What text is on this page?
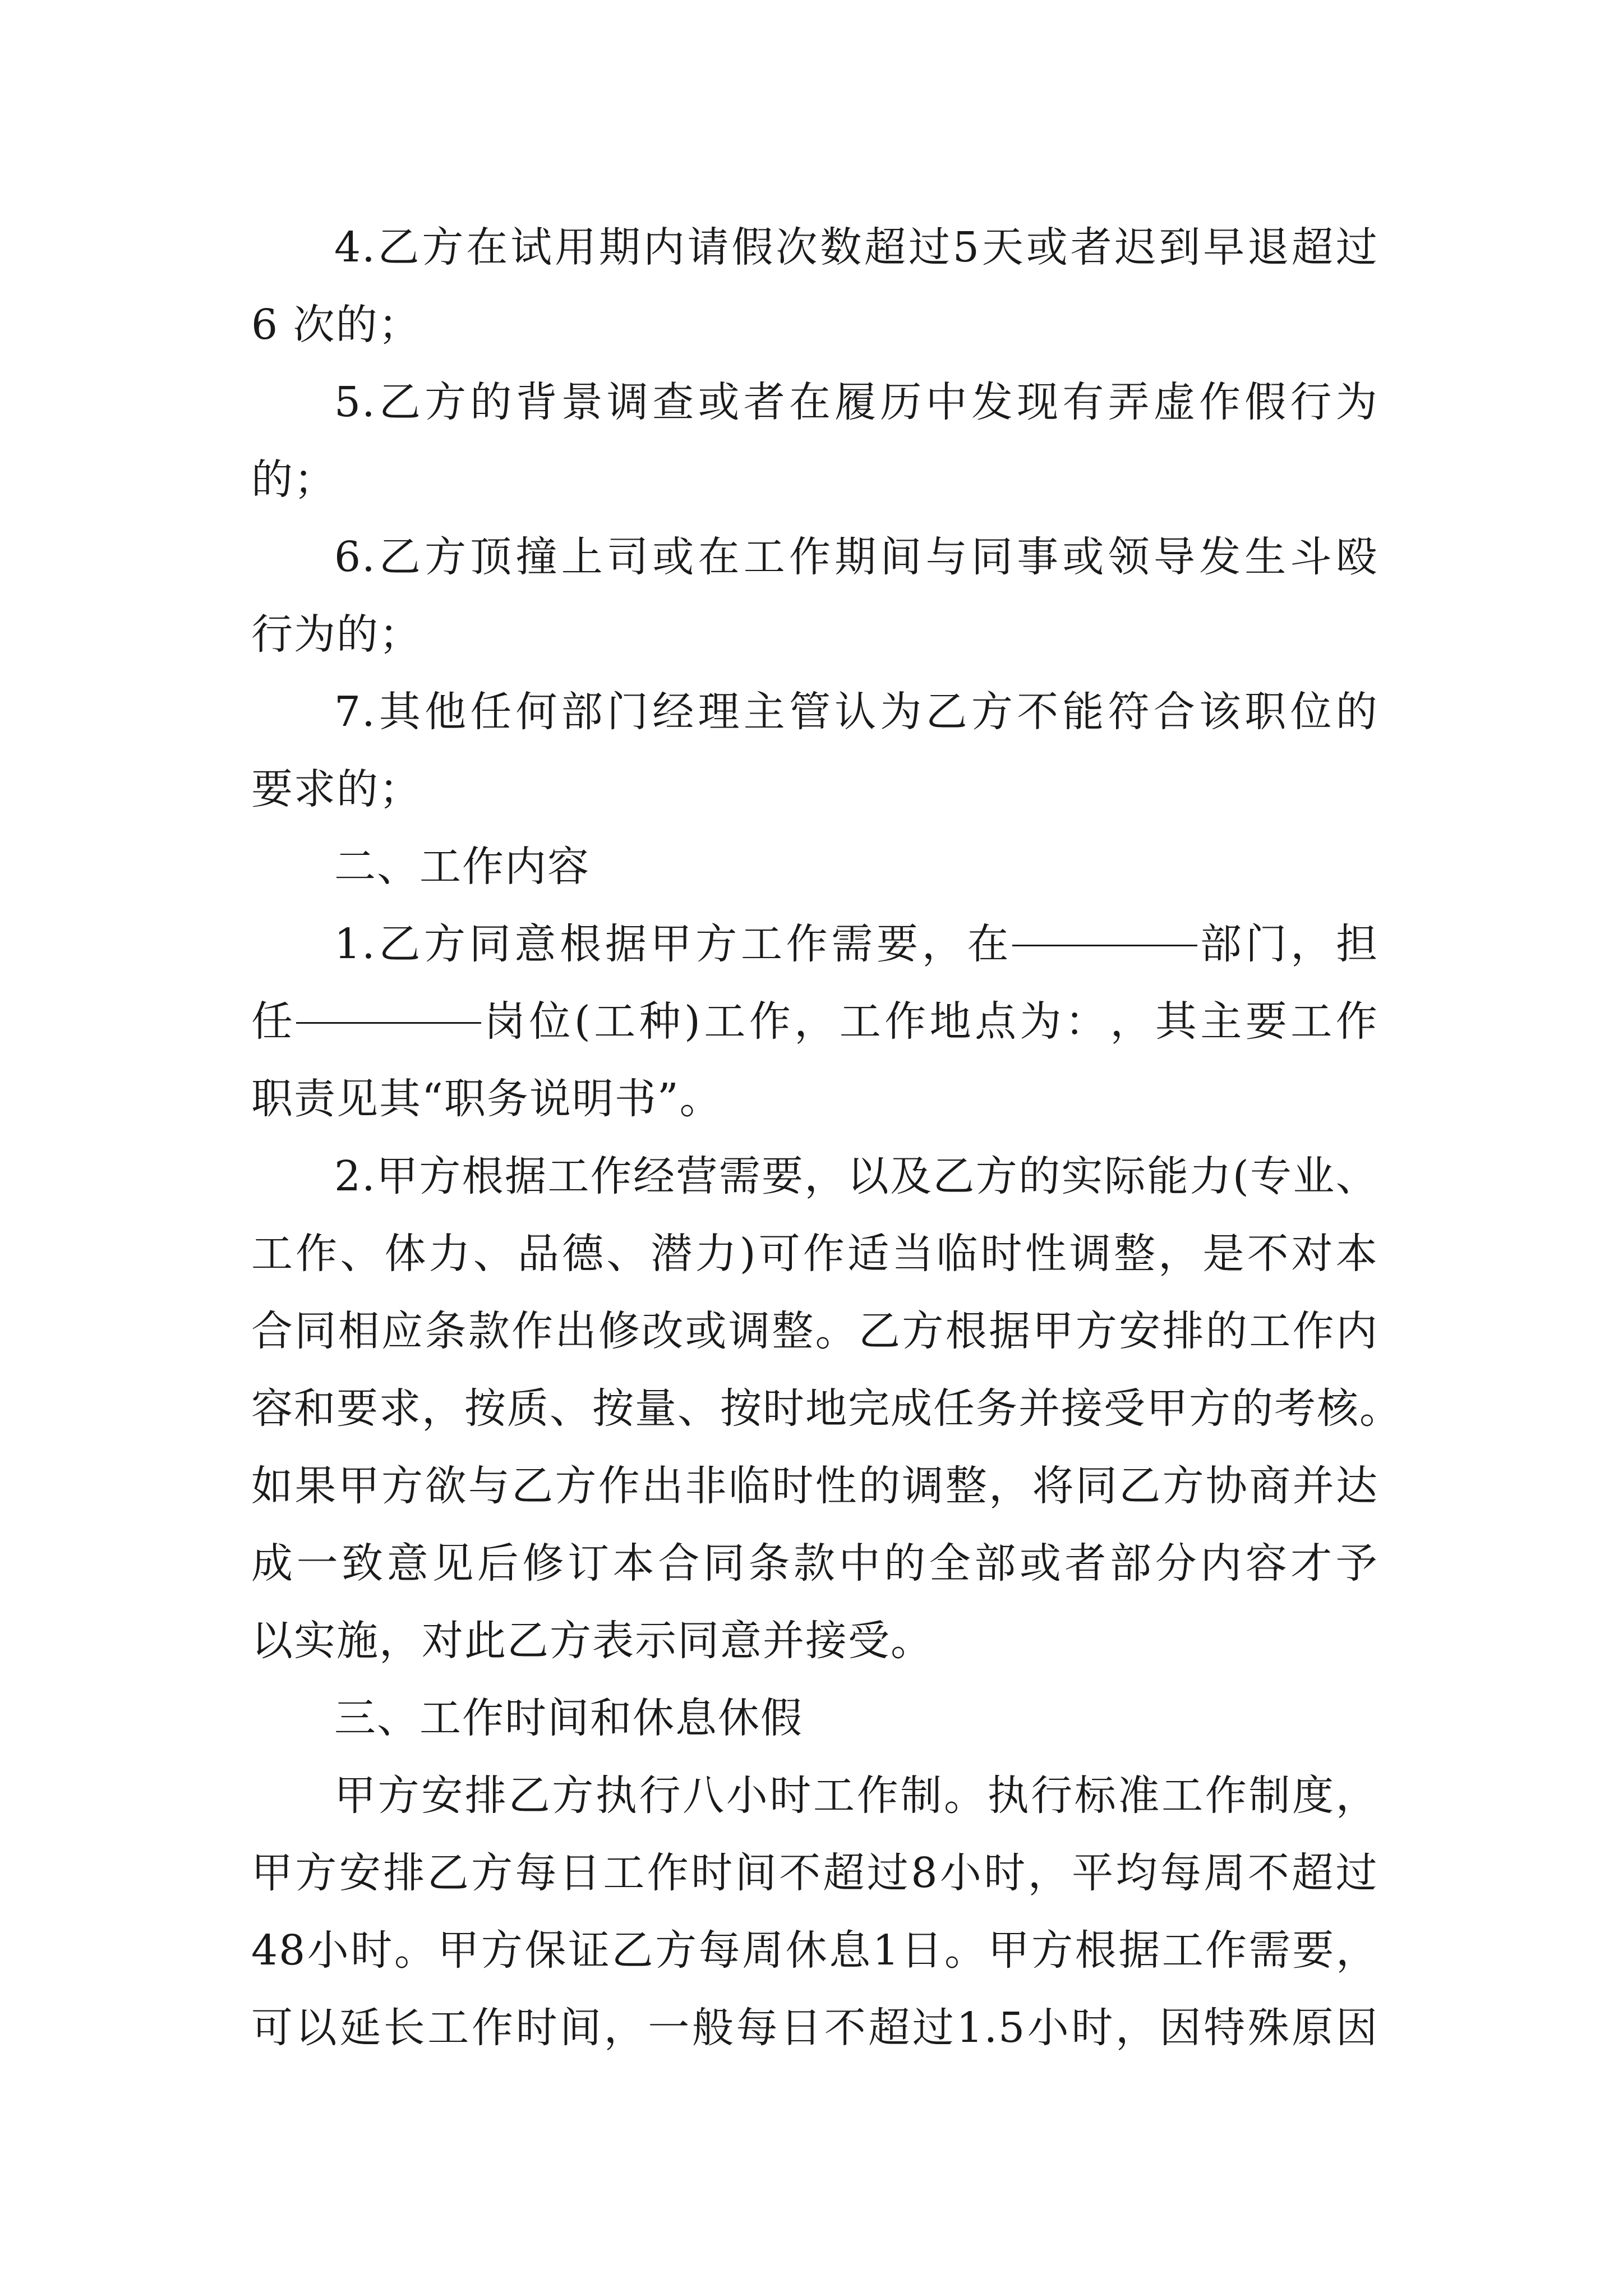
4. 乙 方 在 试 用 期 内 请 假 次 数 超 过 5 天 或 者 迟 到 早 退 超 过
6 次的；
5. 乙 方 的 背 景 调 查 或 者 在 履 历 中 发 现 有 弄 虚 作 假 行 为
的；
6. 乙 方 顶 撞 上 司 或 在 工 作 期 间 与 同 事 或 领 导 发 生 斗 殴
行为的；
7. 其 他 任 何 部 门 经 理 主 管 认 为 乙 方 不 能 符 合 该 职 位 的
要求的；
二、工作内容
1. 乙 方 同 意 根 据 甲 方 工 作 需 要 ， 在	部 门 ， 担
任	岗 位 ( 工 种 ) 工 作 ， 工 作 地 点 为 ： ， 其 主 要 工 作
职责见其“职务说明书”。
2. 甲 方 根 据 工 作 经 营 需 要 ， 以 及 乙 方 的 实 际 能 力 ( 专 业 、
工 作 、 体 力 、 品 德 、 潜 力 ) 可 作 适 当 临 时 性 调 整 ， 是 不 对 本
合 同 相 应 条 款 作 出 修 改 或 调 整 。 乙 方 根 据 甲 方 安 排 的 工 作 内
容 和 要 求 ， 按 质 、 按 量 、 按 时 地 完 成 任 务 并 接 受 甲 方 的 考 核 。
如 果 甲 方 欲 与 乙 方 作 出 非 临 时 性 的 调 整 ， 将 同 乙 方 协 商 并 达
成 一 致 意 见 后 修 订 本 合 同 条 款 中 的 全 部 或 者 部 分 内 容 才 予
以实施，对此乙方表示同意并接受。
三、工作时间和休息休假
甲 方 安 排 乙 方 执 行 八 小 时 工 作 制 。 执 行 标 准 工 作 制 度 ，
甲 方 安 排 乙 方 每 日 工 作 时 间 不 超 过 8 小 时 ， 平 均 每 周 不 超 过
48 小 时 。 甲 方 保 证 乙 方 每 周 休 息 1 日 。 甲 方 根 据 工 作 需 要 ，
可 以 延 长 工 作 时 间 ， 一 般 每 日 不 超 过 1.5 小 时 ， 因 特 殊 原 因
